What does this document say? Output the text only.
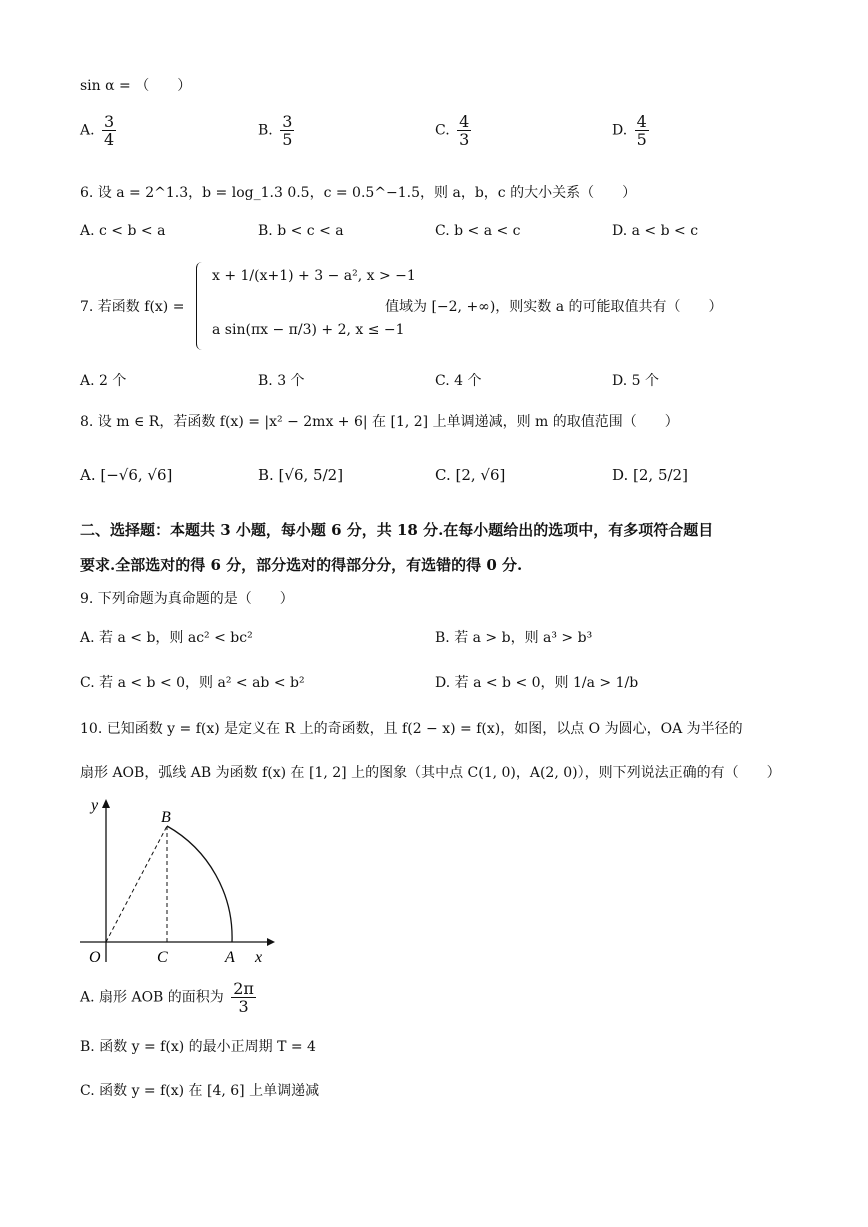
sin α = （　　）
A. $\frac{3}{4}$	B. $\frac{3}{5}$	C. $\frac{4}{3}$	D. $\frac{4}{5}$
6. 设 a = 2^1.3，b = log_1.3 0.5，c = 0.5^−1.5，则 a，b，c 的大小关系（　　）
A. c < b < a	B. b < c < a	C. b < a < c	D. a < b < c
7. 若函数 f(x) =
x + 1/(x+1) + 3 − a², x > −1
a sin(πx − π/3) + 2, x ≤ −1
值域为 [−2, +∞)，则实数 a 的可能取值共有（　　）
A. 2 个	B. 3 个	C. 4 个	D. 5 个
8. 设 m ∈ R，若函数 f(x) = |x² − 2mx + 6| 在 [1, 2] 上单调递减，则 m 的取值范围（　　）
A. [−√6, √6]	B. [√6, 5/2]	C. [2, √6]	D. [2, 5/2]
二、选择题：本题共 3 小题，每小题 6 分，共 18 分.在每小题给出的选项中，有多项符合题目
要求.全部选对的得 6 分，部分选对的得部分分，有选错的得 0 分.
9. 下列命题为真命题的是（　　）
A. 若 a < b，则 ac² < bc²	B. 若 a > b，则 a³ > b³
C. 若 a < b < 0，则 a² < ab < b²	D. 若 a < b < 0，则 1/a > 1/b
10. 已知函数 y = f(x) 是定义在 R 上的奇函数，且 f(2 − x) = f(x)，如图，以点 O 为圆心，OA 为半径的
扇形 AOB，弧线 AB 为函数 f(x) 在 [1, 2] 上的图象（其中点 C(1, 0)，A(2, 0)），则下列说法正确的有（　　）
y
B
O	C	A x
A. 扇形 AOB 的面积为 $\frac{2\pi}{3}$
B. 函数 y = f(x) 的最小正周期 T = 4
C. 函数 y = f(x) 在 [4, 6] 上单调递减
